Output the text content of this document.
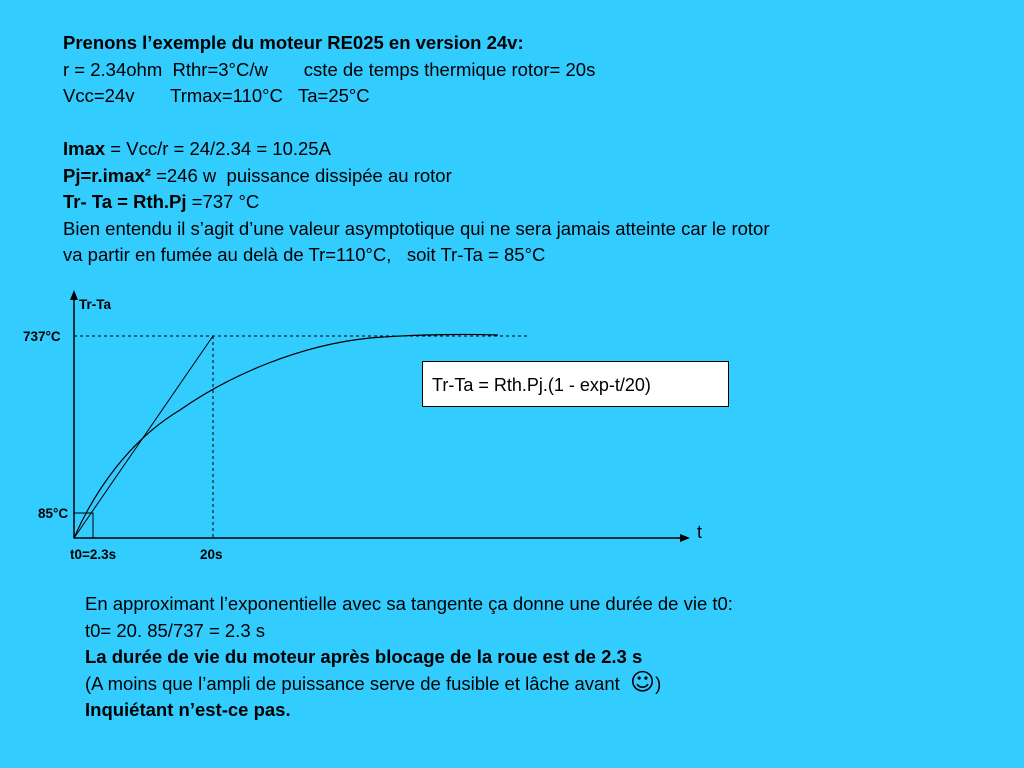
Prenons l’exemple du moteur RE025 en version 24v:
r = 2.34ohm  Rthr=3°C/w       cste de temps thermique rotor= 20s
Vcc=24v       Trmax=110°C   Ta=25°C

Imax = Vcc/r = 24/2.34 = 10.25A
Pj=r.imax² =246 w  puissance dissipée au rotor
Tr- Ta = Rth.Pj =737 °C
Bien entendu il s’agit d’une valeur asymptotique qui ne sera jamais atteinte car le rotor
va partir en fumée au delà de Tr=110°C,   soit Tr-Ta = 85°C
Tr-Ta
737°C
85°C
t0=2.3s	20s
t
Tr-Ta = Rth.Pj.(1 - exp-t/20)
En approximant l’exponentielle avec sa tangente ça donne une durée de vie t0:
t0= 20. 85/737 = 2.3 s
La durée de vie du moteur après blocage de la roue est de 2.3 s
(A moins que l’ampli de puissance serve de fusible et lâche avant  ☺)
Inquiétant n’est-ce pas.
